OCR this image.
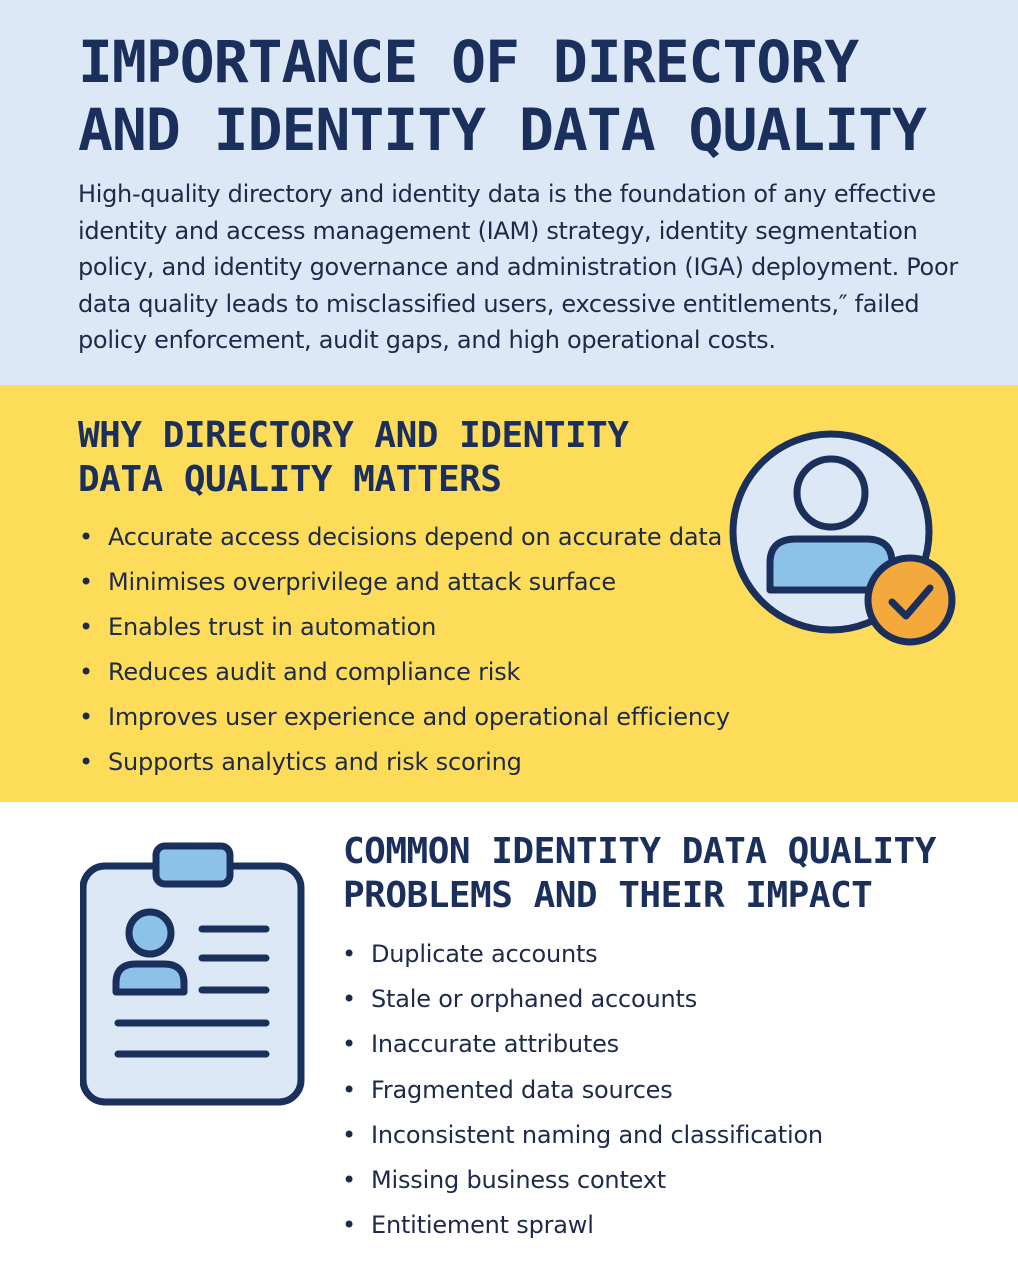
IMPORTANCE OF DIRECTORY AND IDENTITY DATA QUALITY

High-quality directory and identity data is the foundation of any effective identity and access management (IAM) strategy, identity segmentation policy, and identity governance and administration (IGA) deployment. Poor data quality leads to misclassified users, excessive entitlements,″ failed policy enforcement, audit gaps, and high operational costs.

WHY DIRECTORY AND IDENTITY DATA QUALITY MATTERS
• Accurate access decisions depend on accurate data
• Minimises overprivilege and attack surface
• Enables trust in automation
• Reduces audit and compliance risk
• Improves user experience and operational efficiency
• Supports analytics and risk scoring
COMMON IDENTITY DATA QUALITY PROBLEMS AND THEIR IMPACT
• Duplicate accounts
• Stale or orphaned accounts
• Inaccurate attributes
• Fragmented data sources
• Inconsistent naming and classification
• Missing business context
• Entitiement sprawl
